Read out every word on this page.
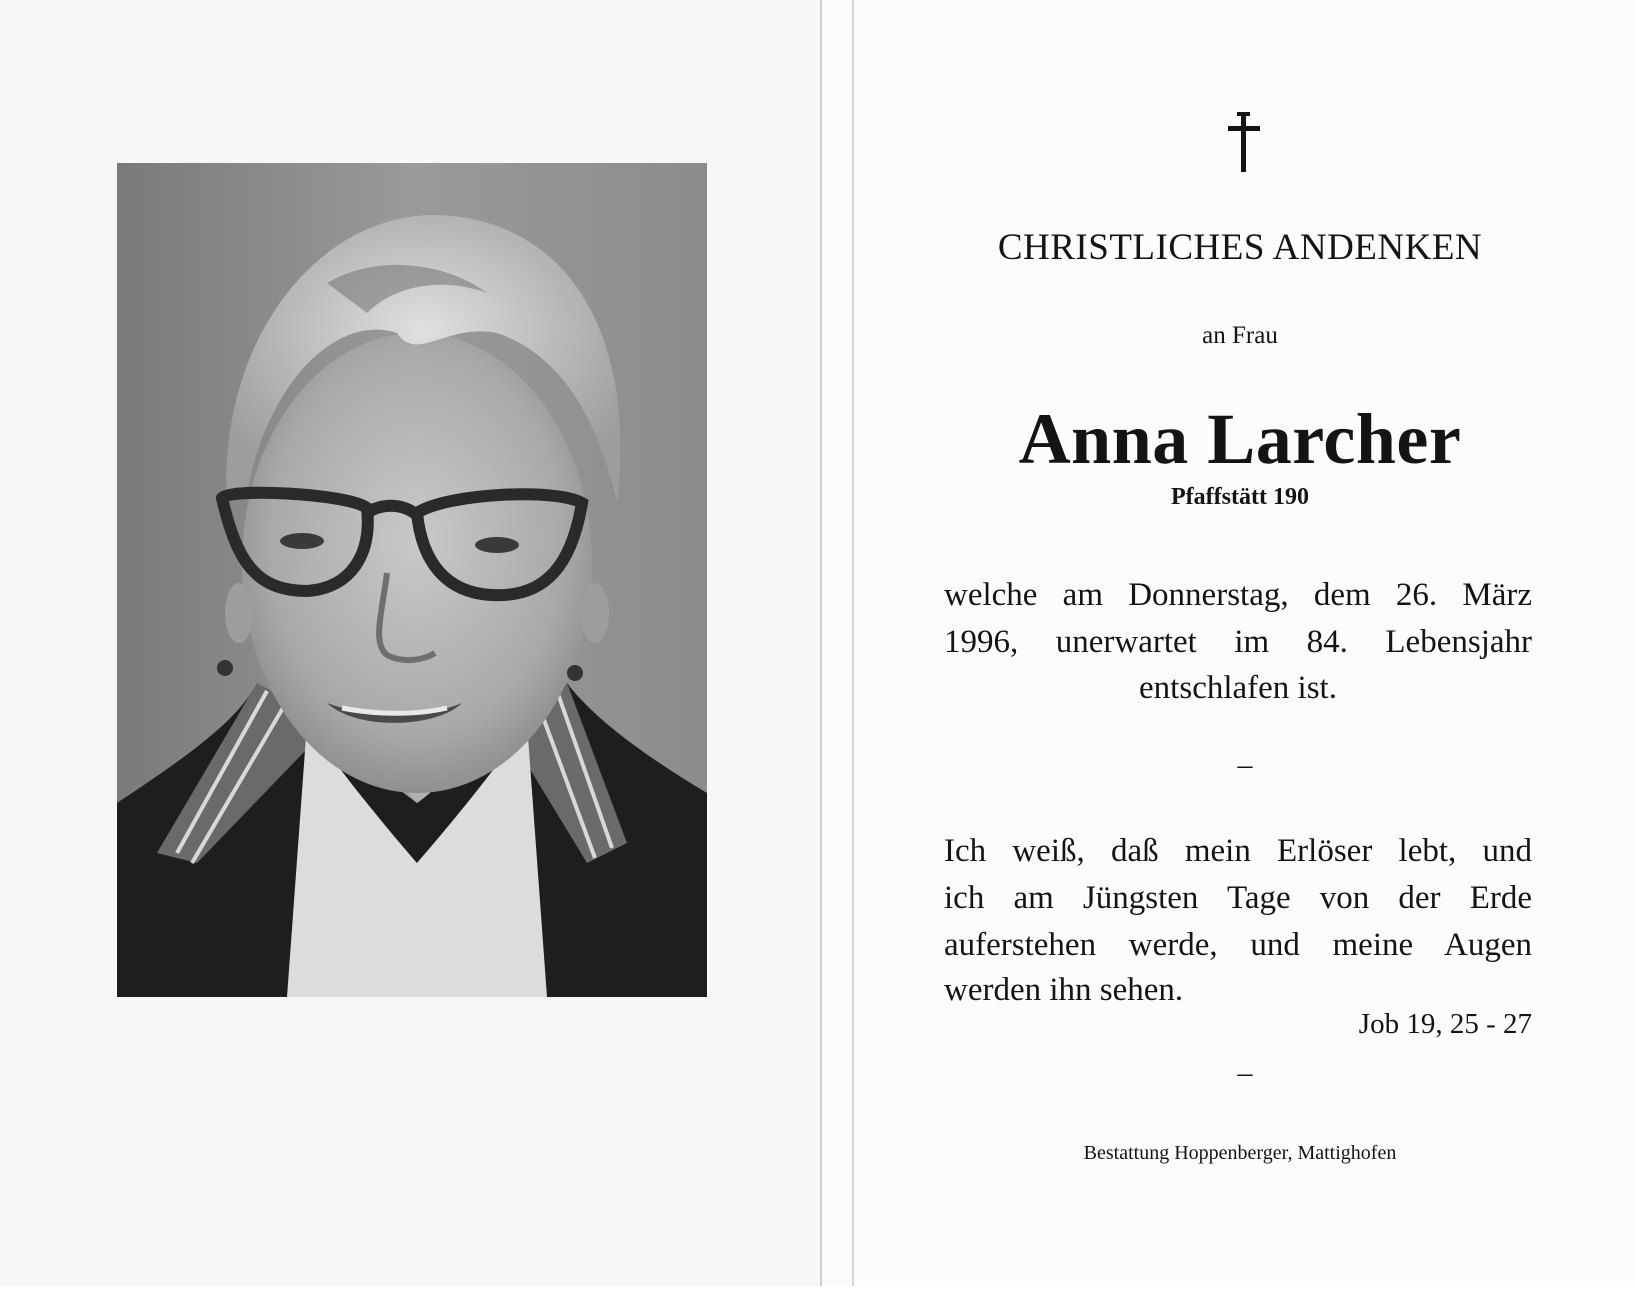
CHRISTLICHES ANDENKEN
an Frau
Anna Larcher
Pfaffstätt 190
welche am Donnerstag, dem 26. März
1996, unerwartet im 84. Lebensjahr
entschlafen ist.
–
Ich weiß, daß mein Erlöser lebt, und
ich am Jüngsten Tage von der Erde
auferstehen werde, und meine Augen
werden ihn sehen.
Job 19, 25 - 27
–
Bestattung Hoppenberger, Mattighofen
